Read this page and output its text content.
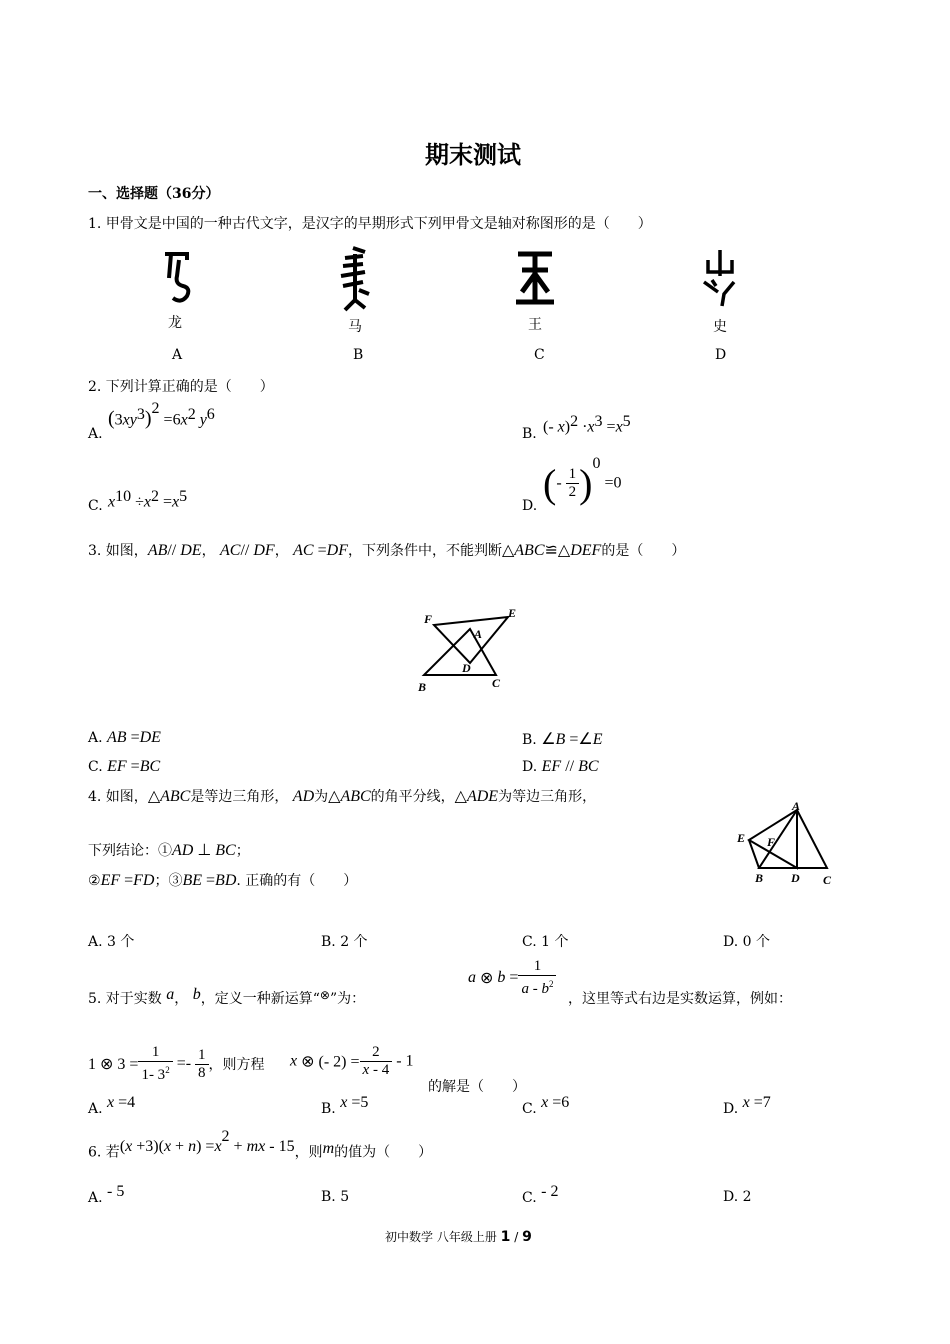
期末测试
一、选择题（36分）
1. 甲骨文是中国的一种古代文字，是汉字的早期形式下列甲骨文是轴对称图形的是（　　）
龙	马	王	史
A	B	C	D
2. 下列计算正确的是（　　）
A.
$(3xy^3)^2 =6x^2$ $y^6$
B. (- $x)^2 \cdot x^3 =x^5$
C. $x^{10} \div x^2 =x^5$
D. (- $\frac{1}{2} )^0 =0$
3. 如图，AB// DE， AC// DF， AC =DF，下列条件中，不能判断△ABC≌△DEF的是（　　）
F	E
A
D
B	C
A. AB =DE	B. ∠B =∠E
C. EF =BC	D. EF // BC
4. 如图，△ABC是等边三角形， AD为△ABC的角平分线，△ADE为等边三角形，
下列结论：①AD ⊥ BC；
②EF =FD；③BE =BD. 正确的有（　　）
A
E F
B D C
A. 3 个	B. 2 个	C. 1 个	D. 0 个
5. 对于实数 a， b，定义一种新运算“⊗”为：
a ⊗ $b = \frac{1}{a - b^2}$
，这里等式右边是实数运算，例如：
1 ⊗ $3 = \frac{1}{1- 3^2} =- \frac{1}{8}$ ，则方程 x ⊗ (- $2) = \frac{2}{x - 4} - 1$
的解是（　　）
A. x =4	B. x =5	C. x =6	D. x =7
6. 若$(x +3)(x + n) =x^2$ + mx - 15，则m的值为（　　）
A. - 5	B. 5	C. - 2	D. 2
初中数学 八年级上册 1 / 9
